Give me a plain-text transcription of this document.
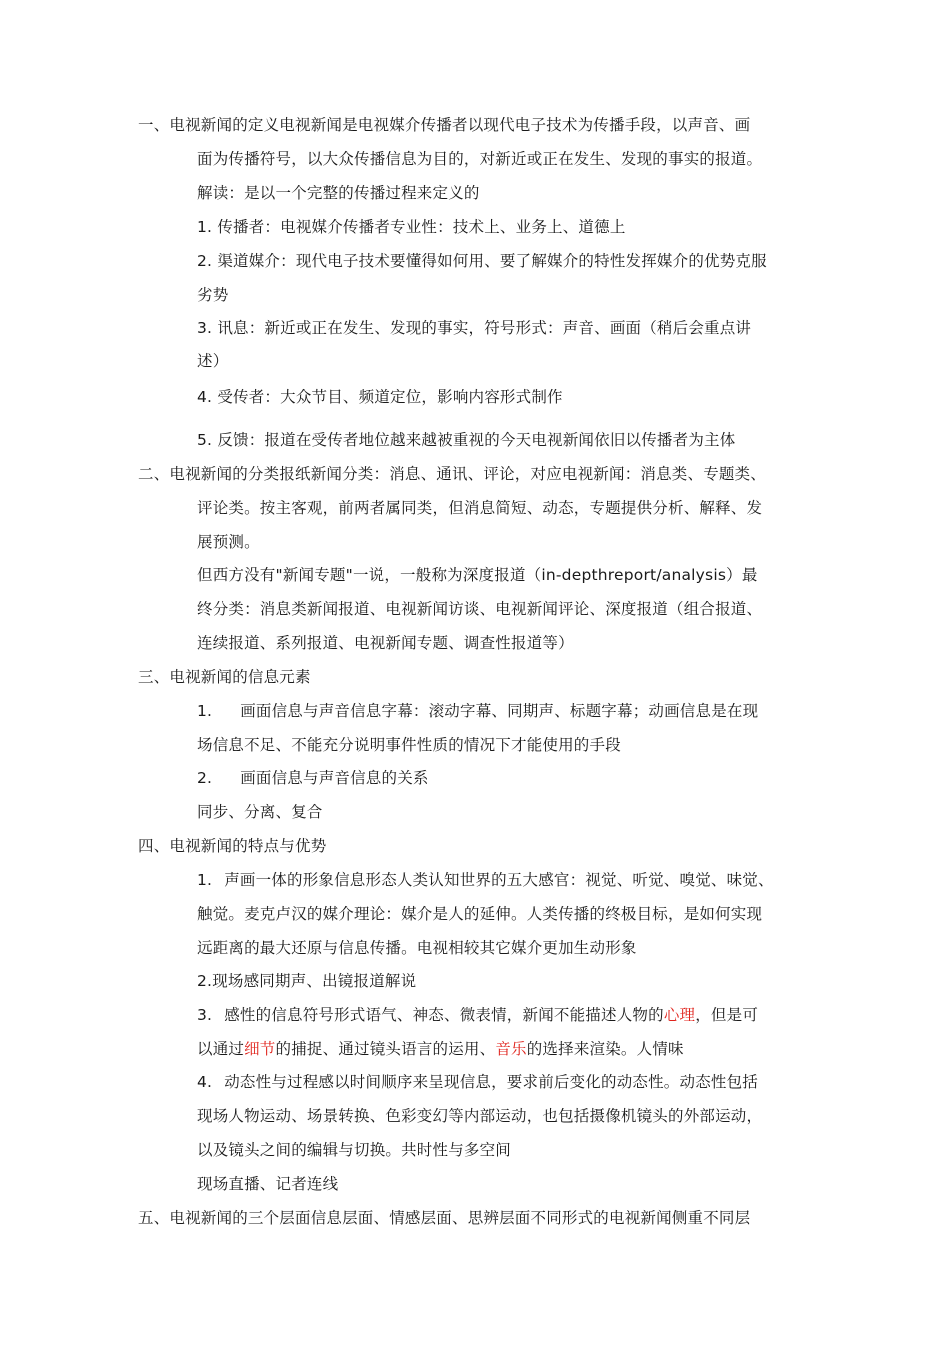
一、电视新闻的定义电视新闻是电视媒介传播者以现代电子技术为传播手段，以声音、画
面为传播符号，以大众传播信息为目的，对新近或正在发生、发现的事实的报道。
解读：是以一个完整的传播过程来定义的
1. 传播者：电视媒介传播者专业性：技术上、业务上、道德上
2. 渠道媒介：现代电子技术要懂得如何用、要了解媒介的特性发挥媒介的优势克服
劣势
3. 讯息：新近或正在发生、发现的事实，符号形式：声音、画面（稍后会重点讲
述）
4. 受传者：大众节目、频道定位，影响内容形式制作
5. 反馈：报道在受传者地位越来越被重视的今天电视新闻依旧以传播者为主体
二、电视新闻的分类报纸新闻分类：消息、通讯、评论，对应电视新闻：消息类、专题类、
评论类。按主客观，前两者属同类，但消息简短、动态，专题提供分析、解释、发
展预测。
但西方没有"新闻专题"一说，一般称为深度报道（in-depthreport/analysis）最
终分类：消息类新闻报道、电视新闻访谈、电视新闻评论、深度报道（组合报道、
连续报道、系列报道、电视新闻专题、调查性报道等）
三、电视新闻的信息元素
1. 画面信息与声音信息字幕：滚动字幕、同期声、标题字幕；动画信息是在现
场信息不足、不能充分说明事件性质的情况下才能使用的手段
2. 画面信息与声音信息的关系
同步、分离、复合
四、电视新闻的特点与优势
1. 声画一体的形象信息形态人类认知世界的五大感官：视觉、听觉、嗅觉、味觉、
触觉。麦克卢汉的媒介理论：媒介是人的延伸。人类传播的终极目标，是如何实现
远距离的最大还原与信息传播。电视相较其它媒介更加生动形象
2.现场感同期声、出镜报道解说
3. 感性的信息符号形式语气、神态、微表情，新闻不能描述人物的心理，但是可
以通过细节的捕捉、通过镜头语言的运用、音乐的选择来渲染。人情味
4. 动态性与过程感以时间顺序来呈现信息，要求前后变化的动态性。动态性包括
现场人物运动、场景转换、色彩变幻等内部运动，也包括摄像机镜头的外部运动，
以及镜头之间的编辑与切换。共时性与多空间
现场直播、记者连线
五、电视新闻的三个层面信息层面、情感层面、思辨层面不同形式的电视新闻侧重不同层
